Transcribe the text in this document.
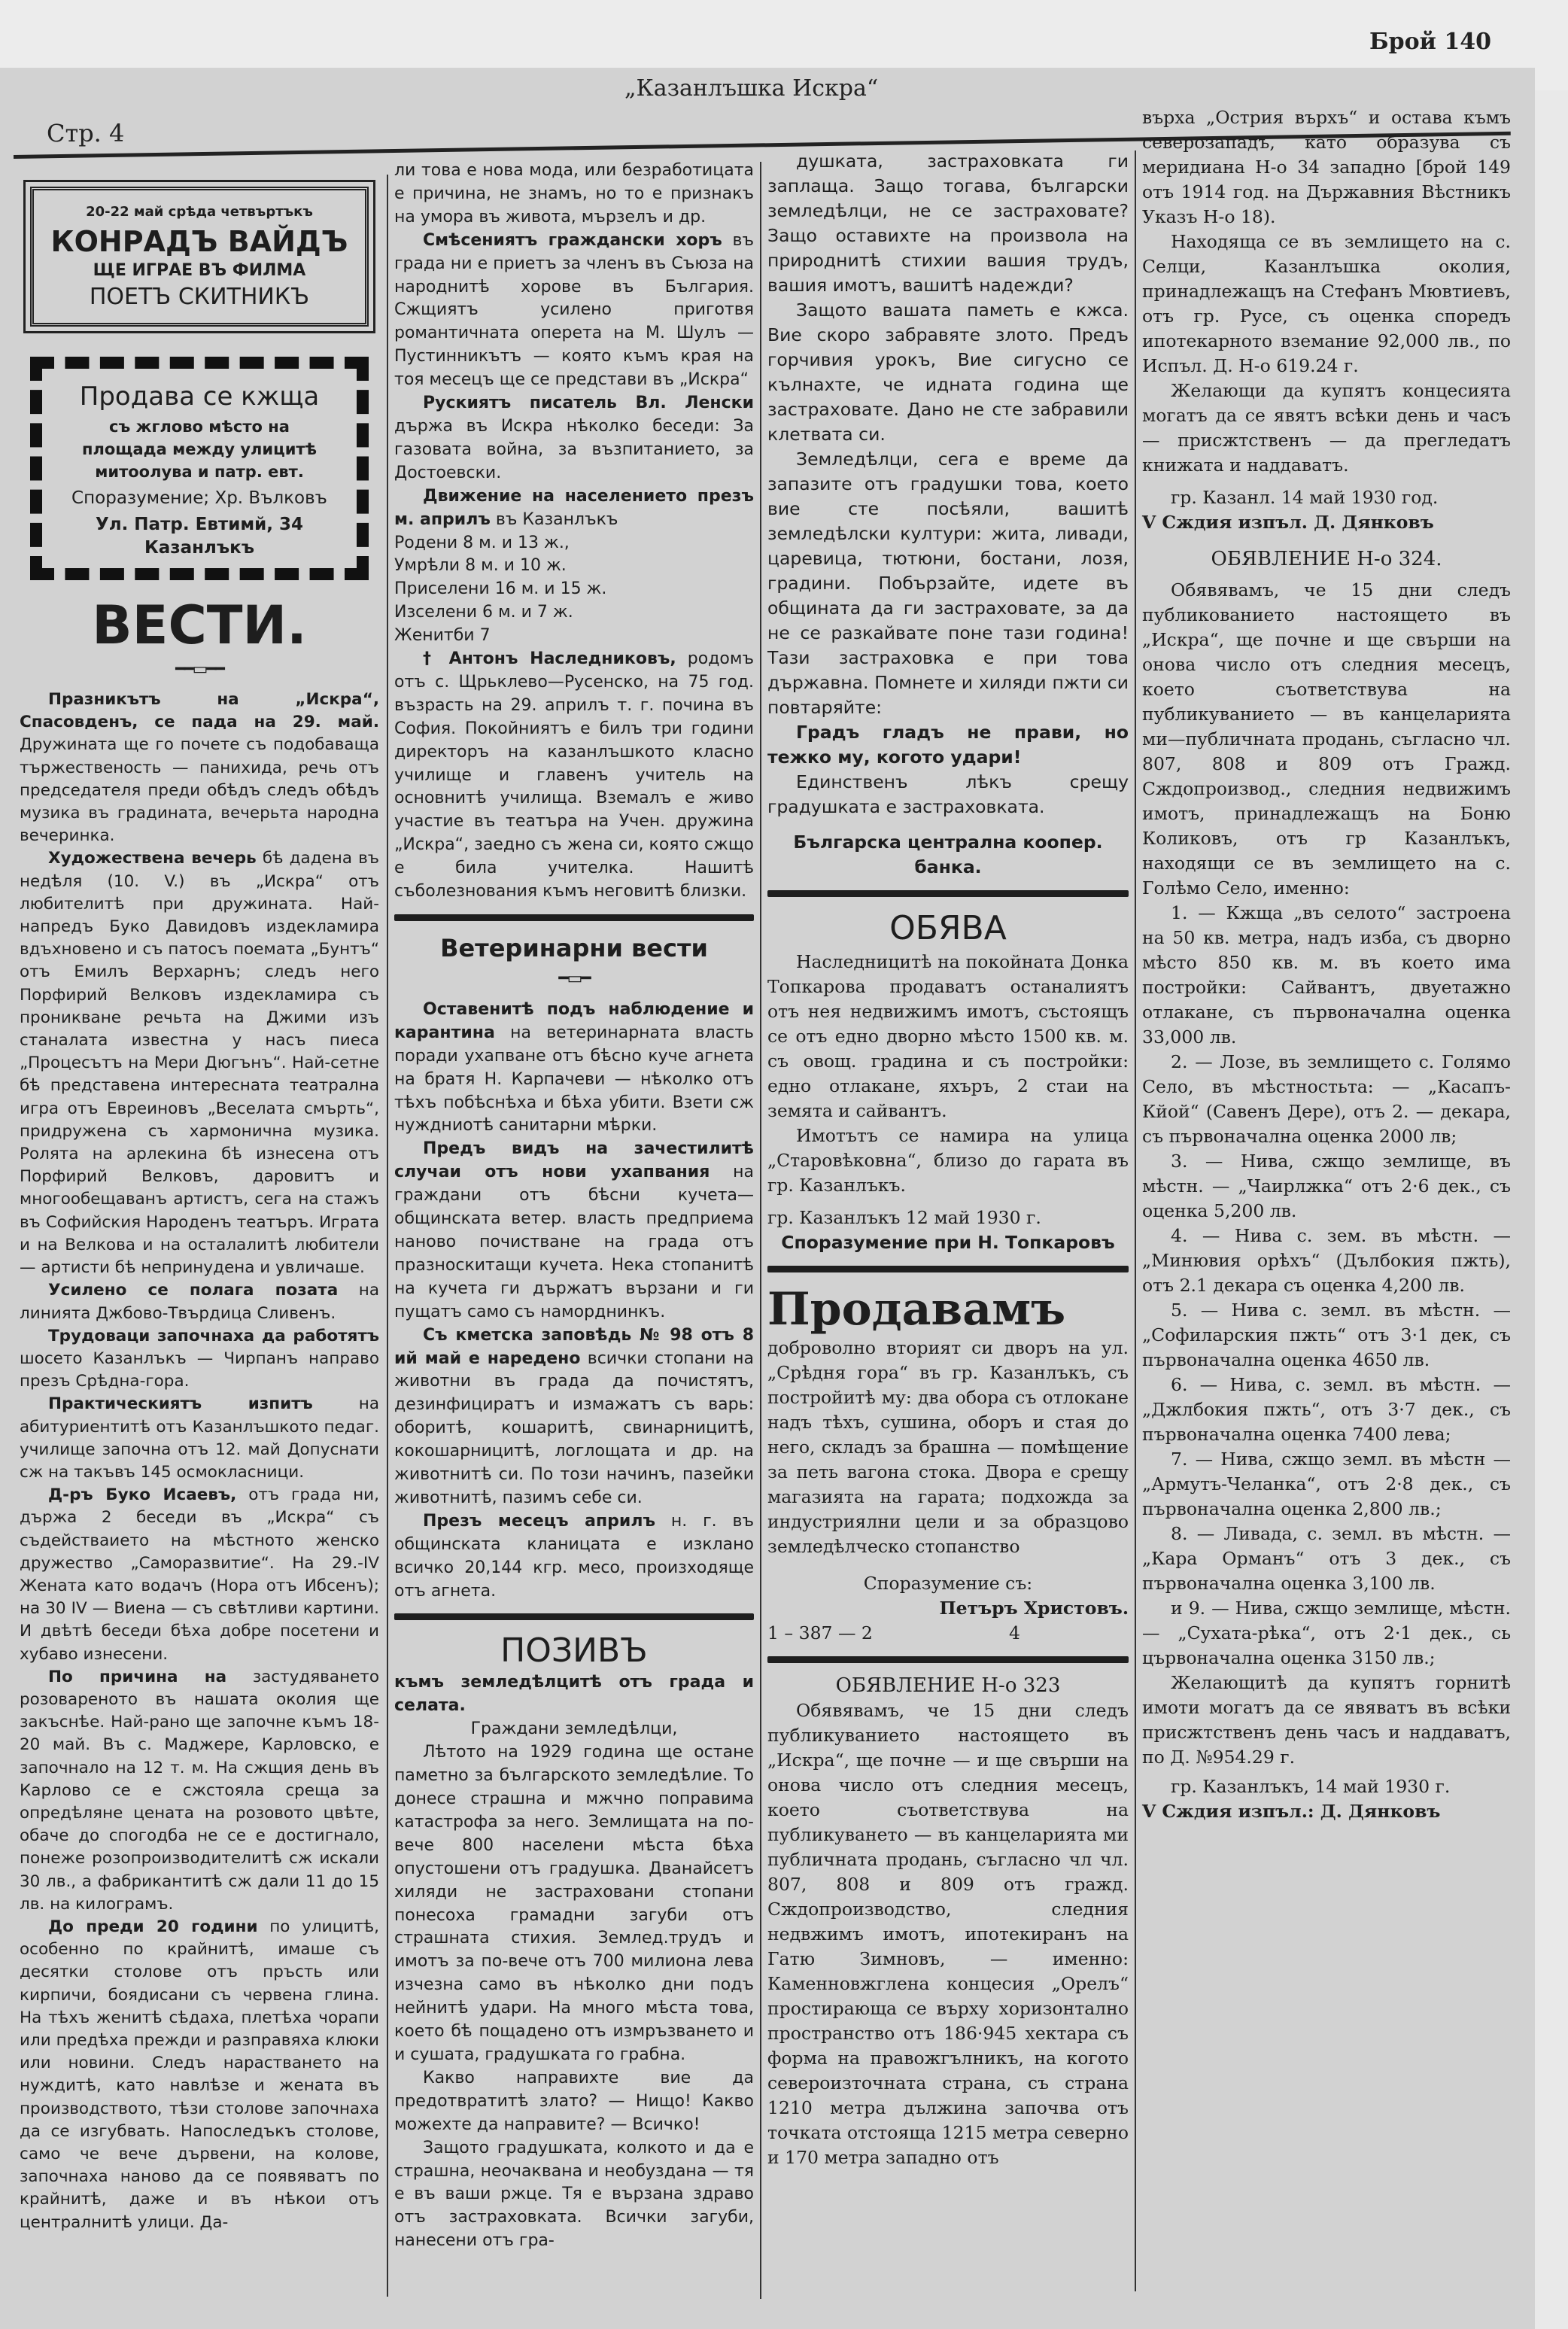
Стр. 4
„Казанлъшка Искра“
Брой 140
20-22 май срѣда четвъртъкъ
КОНРАДЪ ВАЙДЪ
ЩЕ ИГРАЕ ВЪ ФИЛМА
ПОЕТЪ СКИТНИКЪ
Продава се кжща
съ жглово мѣсто на
площада между улицитѣ
митоолува и патр. евт.
Споразумение; Хр. Вълковъ
Ул. Патр. Евтимй, 34 Казанлъкъ
ВЕСТИ.
━━▭━━

Празникътъ на „Искра“, Спасовденъ, се пада на 29. май. Дружината ще го почете съ подобаваща тържественость — панихида, речь отъ председателя преди обѣдъ следъ обѣдъ музика въ градината, вечерьта народна вечеринка.

Художествена вечерь бѣ дадена въ недѣля (10. V.) въ „Искра“ отъ любителитѣ при дружината. Най-напредъ Буко Давидовъ издекламира вдъхновено и съ патосъ поемата „Бунтъ“ отъ Емилъ Верхарнъ; следъ него Порфирий Велковъ издекламира съ проникване речьта на Джими изъ станалата известна у насъ пиеса „Процесътъ на Мери Дюгънъ“. Най-сетне бѣ представена интересната театрална игра отъ Евреиновъ „Веселата смърть“, придружена съ хармонична музика. Ролята на арлекина бѣ изнесена отъ Порфирий Велковъ, даровитъ и многообещаванъ артистъ, сега на стажъ въ Софийския Народенъ театъръ. Играта и на Велкова и на осталалитѣ любители — артисти бѣ непринудена и увличаше.

Усилено се полага позата на линията Джбово-Твърдица Сливенъ.

Трудоваци започнаха да работятъ шосето Казанлъкъ — Чирпанъ направо презъ Срѣдна-гора.

Практическиятъ изпитъ на абитуриентитѣ отъ Казанлъшкото педаг. училище започна отъ 12. май Допуснати сж на такъвъ 145 осмокласници.

Д-ръ Буко Исаевъ, отъ града ни, държа 2 беседи въ „Искра“ съ съдействаието на мѣстното женско дружество „Саморазвитие“. На 29.-IV Жената като водачъ (Нора отъ Ибсенъ); на 30 IV — Виена — съ свѣтливи картини. И двѣтѣ беседи бѣха добре посетени и хубаво изнесени.

По причина на застудяването розовареното въ нашата околия ще закъснѣе. Най-рано ще започне къмъ 18-20 май. Въ с. Маджере, Карловско, е започнало на 12 т. м. На сжщия день въ Карлово се е сжстояла среща за опредѣляне цената на розовото цвѣте, обаче до спогодба не се е достигнало, понеже розопроизводителитѣ сж искали 30 лв., а фабрикантитѣ сж дали 11 до 15 лв. на килограмъ.

До преди 20 години по улицитѣ, особенно по крайнитѣ, имаше съ десятки столове отъ пръсть или кирпичи, боядисани съ червена глина. На тѣхъ женитѣ сѣдаха, плетѣха чорапи или предѣха прежди и разправяха клюки или новини. Следъ нарастването на нуждитѣ, като навлѣзе и жената въ производството, тѣзи столове започнаха да се изгубвать. Напоследъкъ столове, само че вече дървени, на колове, започнаха наново да се появяватъ по крайнитѣ, даже и въ нѣкои отъ централнитѣ улици. Да-

ли това е нова мода, или безработицата е причина, не знамъ, но то е признакъ на умора въ живота, мързелъ и др.

Смѣсениятъ граждански хоръ въ града ни е приетъ за членъ въ Съюза на народнитѣ хорове въ България. Сжщиятъ усилено приготвя романтичната оперета на М. Шулъ — Пустинникътъ — която къмъ края на тоя месецъ ще се представи въ „Искра“

Рускиятъ писатель Вл. Ленски държа въ Искра нѣколко беседи: За газовата война, за възпитанието, за Достоевски.

Движение на населението презъ м. априлъ въ Казанлъкъ

Родени 8 м. и 13 ж.,
Умрѣли 8 м. и 10 ж.
Приселени 16 м. и 15 ж.
Изселени 6 м. и 7 ж.
Женитби 7

† Антонъ Наследниковъ, родомъ отъ с. Щрьклево—Русенско, на 75 год. възрасть на 29. априлъ т. г. почина въ София. Покойниятъ е билъ три години директоръ на казанлъшкото класно училище и главенъ учитель на основнитѣ училища. Вземалъ е живо участие въ театъра на Учен. дружина „Искра“, заедно съ жена си, която сжщо е била учителка. Нашитѣ съболезнования къмъ неговитѣ близки.

Ветеринарни вести
━▭━

Оставенитѣ подъ наблюдение и карантина на ветеринарната власть поради ухапване отъ бѣсно куче агнета на братя Н. Карпачеви — нѣколко отъ тѣхъ побѣснѣха и бѣха убити. Взети сж нуждниотѣ санитарни мѣрки.

Предъ видъ на зачестилитѣ случаи отъ нови ухапвания на граждани отъ бѣсни кучета—общинската ветер. власть предприема наново почистване на града отъ празноскитащи кучета. Нека стопанитѣ на кучета ги държатъ вързани и ги пущатъ само съ наморднинкъ.

Съ кметска заповѣдь № 98 отъ 8 ий май е наредено всички стопани на животни въ града да почистятъ, дезинфициратъ и измажатъ съ варь: оборитѣ, кошаритѣ, свинарницитѣ, кокошарницитѣ, логлощата и др. на животнитѣ си. По този начинъ, пазейки животнитѣ, пазимъ себе си.

Презъ месецъ априлъ н. г. въ общинската кланицата е изклано всичко 20,144 кгр. месо, произходяще отъ агнета.

ПОЗИВЪ
къмъ земледѣлцитѣ отъ града и селата.
Граждани земледѣлци,

Лѣтото на 1929 година ще остане паметно за българското земледѣлие. То донесе страшна и мжчно поправима катастрофа за него. Землищата на по-вече 800 населени мѣста бѣха опустошени отъ градушка. Дванайсетъ хиляди не застраховани стопани понесоха грамадни загуби отъ страшната стихия. Землед.трудъ и имотъ за по-вече отъ 700 милиона лева изчезна само въ нѣколко дни подъ нейнитѣ удари. На много мѣста това, което бѣ пощадено отъ измръзването и и сушата, градушката го грабна.

Какво направихте вие да предотвратитѣ злато? — Нищо! Какво можехте да направите? — Всичко!

Защото градушката, колкото и да е страшна, неочаквана и необуздана — тя е въ ваши ржце. Тя е вързана здраво отъ застраховката. Всички загуби, нанесени отъ гра-

душката, застраховката ги заплаща. Защо тогава, български земледѣлци, не се застраховате? Защо оставихте на произвола на природнитѣ стихии вашия трудъ, вашия имотъ, вашитѣ надежди?

Защото вашата паметь е кжса. Вие скоро забравяте злото. Предъ горчивия урокъ, Вие сигусно се кълнахте, че идната година ще застраховате. Дано не сте забравили клетвата си.

Земледѣлци, сега е време да запазите отъ градушки това, което вие сте посѣяли, вашитѣ земледѣлски култури: жита, ливади, царевица, тютюни, бостани, лозя, градини. Побързайте, идете въ общината да ги застраховате, за да не се разкайвате поне тази година! Тази застраховка е при това държавна. Помнете и хиляди пжти си повтаряйте:

Градъ гладъ не прави, но тежко му, когото удари!

Единственъ лѣкъ срещу градушката е застраховката.

Българска централна коопер. банка.
ОБЯВА

Наследницитѣ на покойната Донка Топкарова продаватъ останалиятъ отъ нея недвижимъ имотъ, състоящъ се отъ едно дворно мѣсто 1500 кв. м. съ овощ. градина и съ постройки: едно отлакане, яхъръ, 2 стаи на земята и сайвантъ.

Имотътъ се намира на улица „Старовѣковна“, близо до гарата въ гр. Казанлъкъ.

гр. Казанлъкъ 12 май 1930 г.
Споразумение при Н. Топкаровъ
Продавамъ
доброволно вторият си дворъ на ул. „Срѣдня гора“ въ гр. Казанлъкъ, съ постройитѣ му: два обора съ отлокане надъ тѣхъ, сушина, оборъ и стая до него, складъ за брашна — помѣщение за петь вагона стока. Двора е срещу магазията на гарата; подхожда за индустриялни цели и за образцово земледѣлческо стопанство
Споразумение съ:
Петъръ Христовъ.
1 – 387 — 2	4
ОБЯВЛЕНИЕ Н-о 323

Обявявамъ, че 15 дни следъ публикуванието настоящето въ „Искра“, ще почне — и ще свърши на онова число отъ следния месецъ, което съответствува на публикуването — въ канцеларията ми публичната продань, съгласно чл чл. 807, 808 и 809 отъ гражд. Сждопроизводство, следния недвжимъ имотъ, ипотекиранъ на Гатю Зимновъ, — именно: Каменновжглена концесия „Орелъ“ простирающа се върху хоризонтално пространство отъ 186·945 хектара съ форма на правожгълникъ, на когото североизточната страна, съ страна 1210 метра дължина започва отъ точката отстояща 1215 метра северно и 170 метра западно отъ

върха „Острия върхъ“ и остава къмъ северозападъ, като образува съ меридиана Н-о 34 западно [брой 149 отъ 1914 год. на Държавния Вѣстникъ Указъ Н-о 18).

Находяща се въ землището на с. Селци, Казанлъшка околия, принадлежащъ на Стефанъ Мювтиевъ, отъ гр. Русе, съ оценка споредъ ипотекарното вземание 92,000 лв., по Испъл. Д. Н-о 619.24 г.

Желающи да купятъ концесията могатъ да се явятъ всѣки день и часъ — присжтственъ — да прегледатъ книжата и наддаватъ.

гр. Казанл. 14 май 1930 год.

V Сждия изпъл. Д. Дянковъ
ОБЯВЛЕНИЕ Н-о 324.

Обявявамъ, че 15 дни следъ публикованието настоящето въ „Искра“, ще почне и ще свърши на онова число отъ следния месецъ, което съответствува на публикуванието — въ канцеларията ми—публичната продань, съгласно чл. 807, 808 и 809 отъ Гражд. Сждопроизвод., следния недвижимъ имотъ, принадлежащъ на Боню Коликовъ, отъ гр Казанлъкъ, находящи се въ землището на с. Голѣмо Село, именно:

1. — Кжща „въ селото“ застроена на 50 кв. метра, надъ изба, съ дворно мѣсто 850 кв. м. въ което има постройки: Сайвантъ, двуетажно отлакане, съ първоначална оценка 33,000 лв.

2. — Лозе, въ землището с. Голямо Село, въ мѣстностьта: — „Касапъ-Кйой“ (Савенъ Дере), отъ 2. — декара, съ първоначална оценка 2000 лв;

3. — Нива, сжщо землище, въ мѣстн. — „Чаирлжка“ отъ 2·6 дек., съ оценка 5,200 лв.

4. — Нива с. зем. въ мѣстн. — „Минювия орѣхъ“ (Дълбокия пжть), отъ 2.1 декара съ оценка 4,200 лв.

5. — Нива с. земл. въ мѣстн. — „Софиларския пжть“ отъ 3·1 дек, съ първоначална оценка 4650 лв.

6. — Нива, с. земл. въ мѣстн. — „Джлбокия пжть“, отъ 3·7 дек., съ първоначална оценка 7400 лева;

7. — Нива, сжщо земл. въ мѣстн — „Армутъ-Челанка“, отъ 2·8 дек., съ първоначална оценка 2,800 лв.;

8. — Ливада, с. земл. въ мѣстн. — „Кара Орманъ“ отъ 3 дек., съ първоначална оценка 3,100 лв.

и 9. — Нива, сжщо землище, мѣстн. — „Сухата-рѣка“, отъ 2·1 дек., сь цървоначална оценка 3150 лв.;

Желающитѣ да купятъ горнитѣ имоти могатъ да се явяватъ въ всѣки присжтственъ день часъ и наддаватъ, по Д. №954.29 г.

гр. Казанлъкъ, 14 май 1930 г.

V Сждия изпъл.: Д. Дянковъ
